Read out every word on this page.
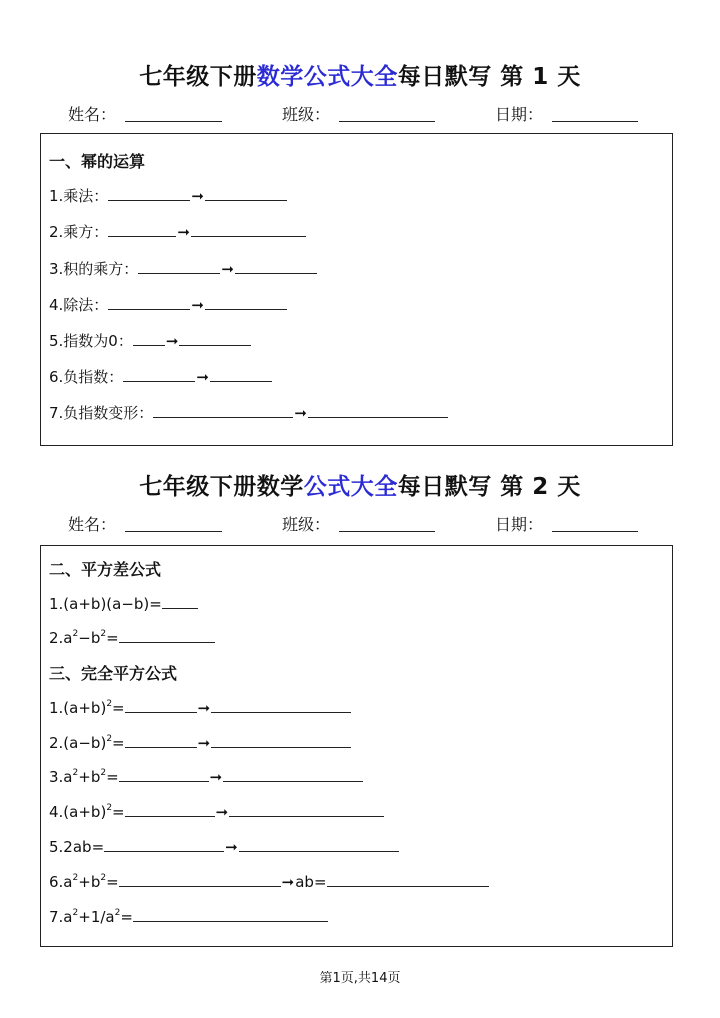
七年级下册数学公式大全每日默写 第 1 天
姓名：	班级：	日期：
一、幂的运算
1.乘法：	➞
2.乘方：	➞
3.积的乘方：	➞
4.除法：	➞
5.指数为0： ➞
6.负指数：	➞
7.负指数变形：	➞
七年级下册数学公式大全每日默写 第 2 天
姓名：	班级：	日期：
二、平方差公式
1.(a+b)(a−b)=
$2.a^2-b^2=$
三、完全平方公式
$1.(a+b)^2=$	➞
$2.(a-b)^2=$	➞
$3.a^2+b^2=$	➞
$4.(a+b)^2=$	➞
5.2ab=	➞
$6.a^2+b^2=$	➞ab=
$7.a^2+1/a^2=$
第1页,共14页
